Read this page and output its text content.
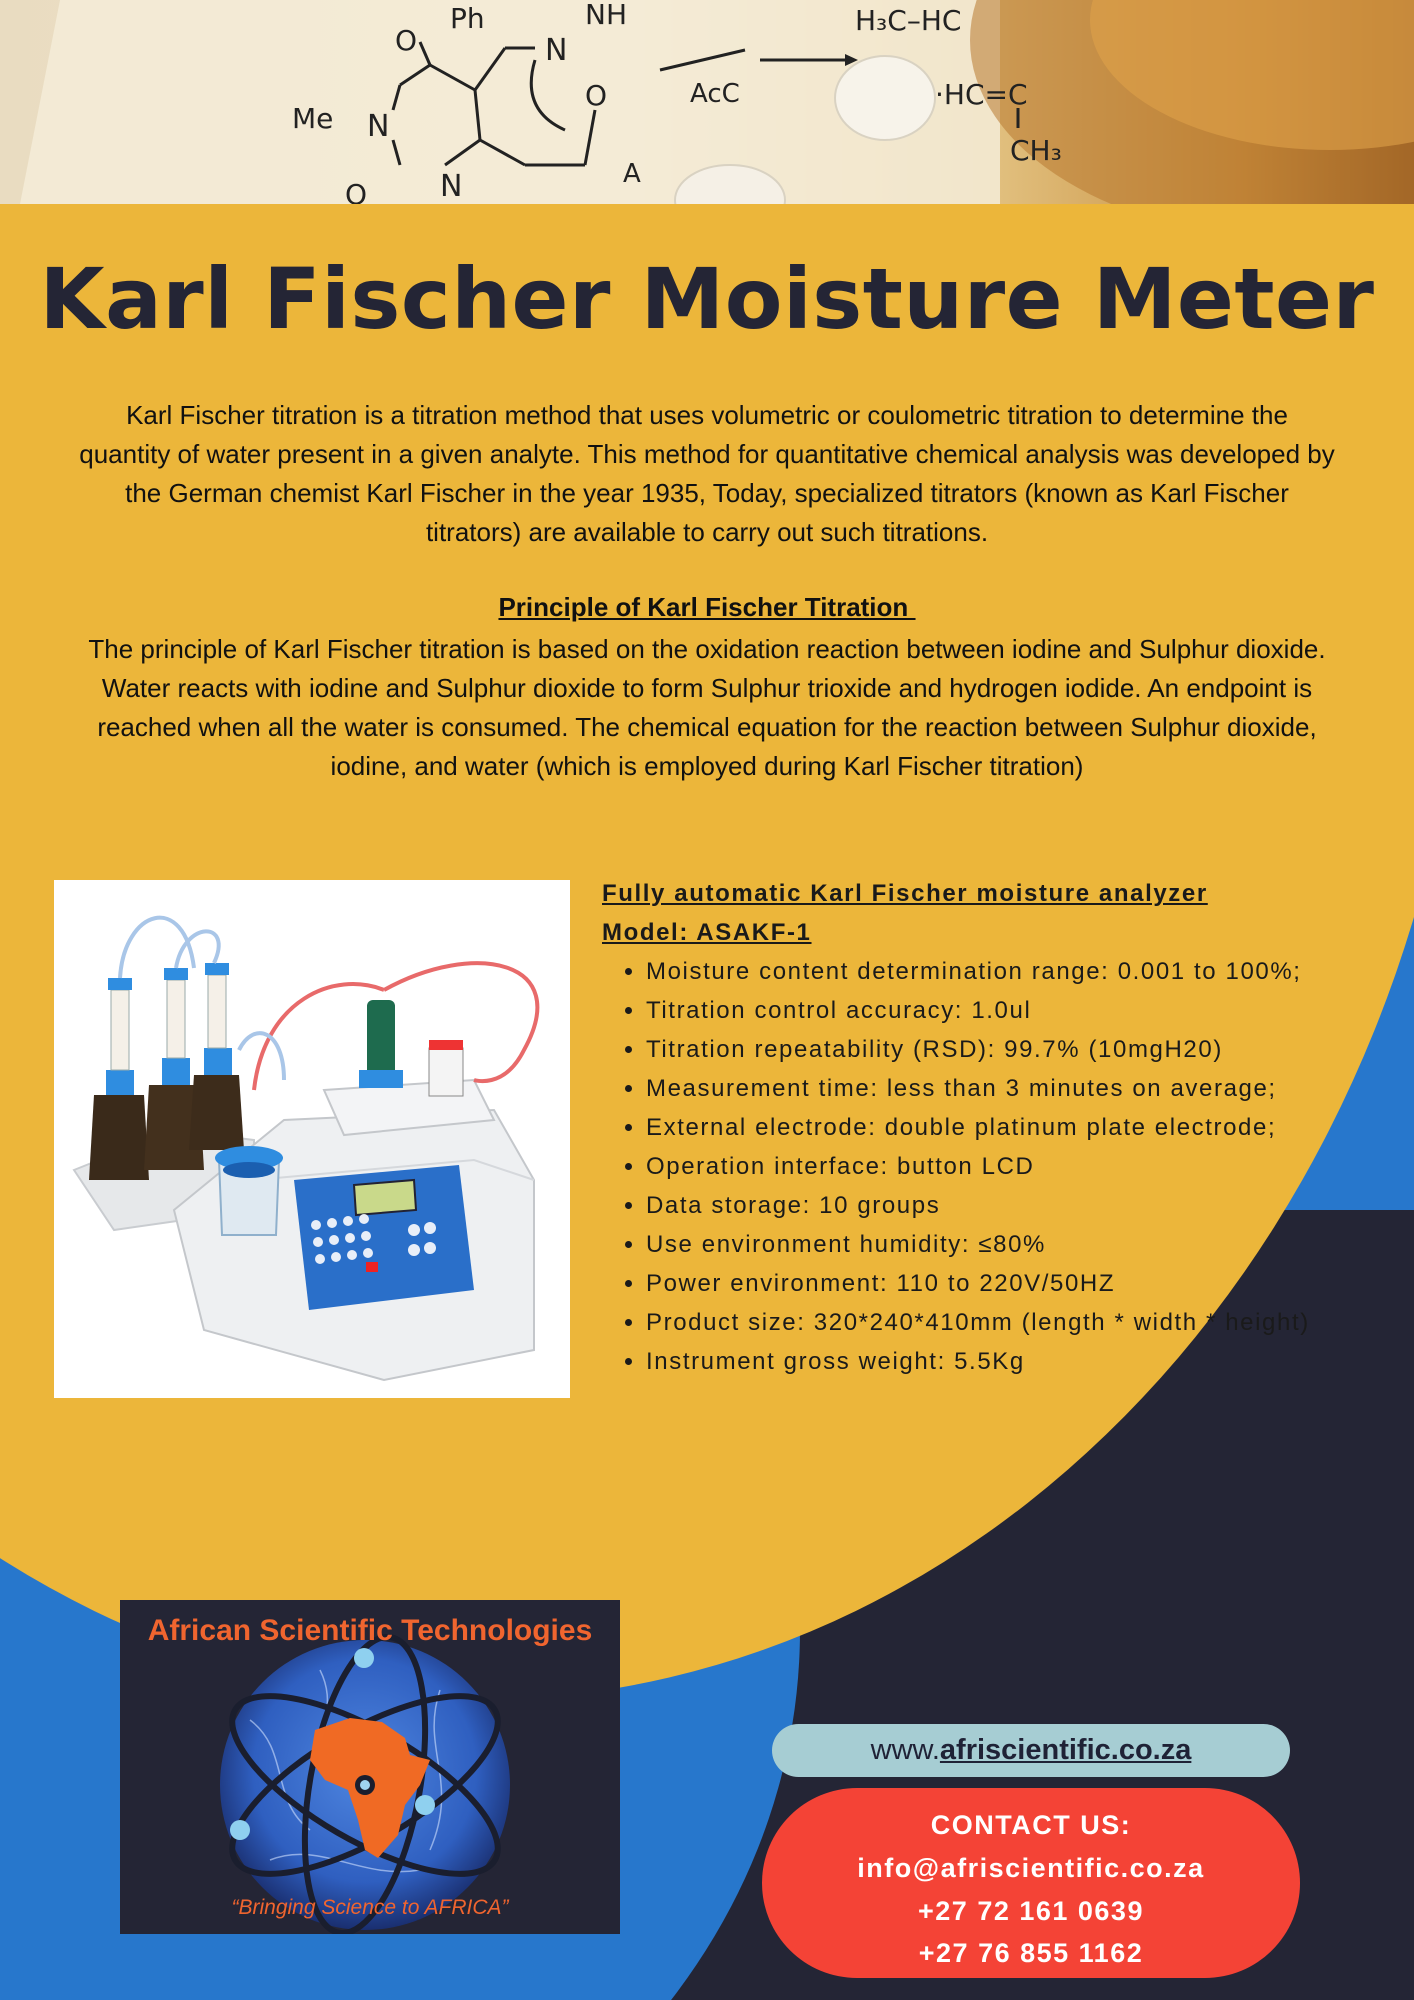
Ph
N
NH
O
Me N
O N
O	AcC
A
H₃C–HC
·HC=C
CH₃
Karl Fischer Moisture Meter

Karl Fischer titration is a titration method that uses volumetric or coulometric titration to determine the quantity of water present in a given analyte. This method for quantitative chemical analysis was developed by the German chemist Karl Fischer in the year 1935, Today, specialized titrators (known as Karl Fischer titrators) are available to carry out such titrations.

Principle of Karl Fischer Titration

The principle of Karl Fischer titration is based on the oxidation reaction between iodine and Sulphur dioxide. Water reacts with iodine and Sulphur dioxide to form Sulphur trioxide and hydrogen iodide. An endpoint is reached when all the water is consumed. The chemical equation for the reaction between Sulphur dioxide, iodine, and water (which is employed during Karl Fischer titration)

Fully automatic Karl Fischer moisture analyzer
Model: ASAKF-1
• Moisture content determination range: 0.001 to 100%;
• Titration control accuracy: 1.0ul
• Titration repeatability (RSD): 99.7% (10mgH20)
• Measurement time: less than 3 minutes on average;
• External electrode: double platinum plate electrode;
• Operation interface: button LCD
• Data storage: 10 groups
• Use environment humidity: ≤80%
• Power environment: 110 to 220V/50HZ
• Product size: 320*240*410mm (length * width * height)
• Instrument gross weight: 5.5Kg
African Scientific Technologies
“Bringing Science to AFRICA”
www.afriscientific.co.za
CONTACT US:
info@afriscientific.co.za
+27 72 161 0639
+27 76 855 1162
